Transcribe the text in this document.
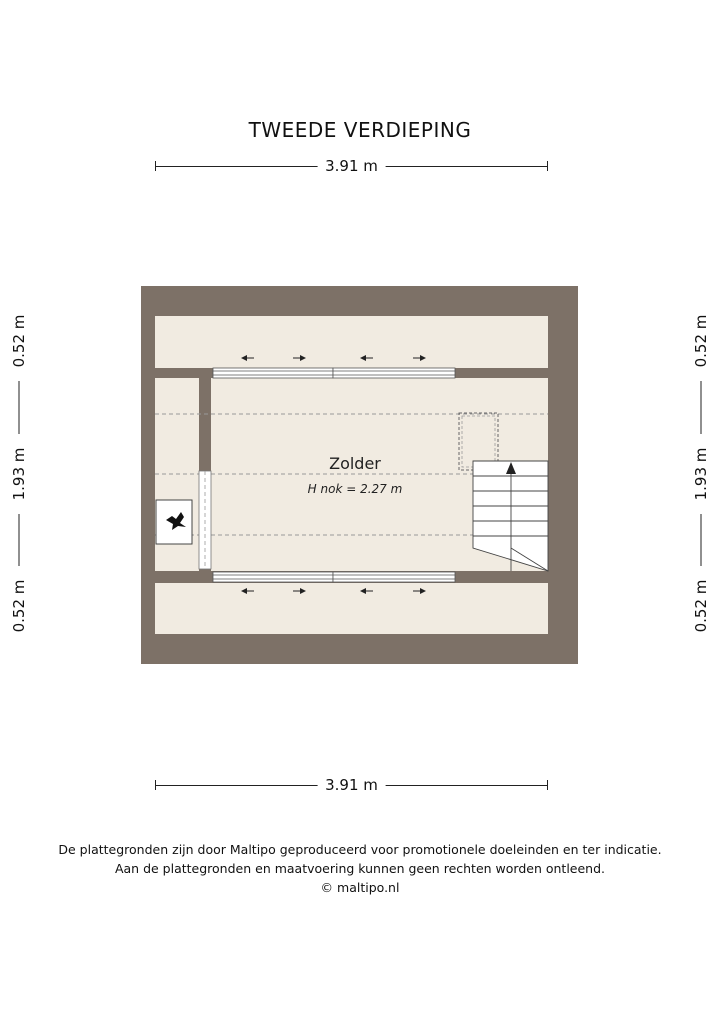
TWEEDE VERDIEPING
3.91 m
3.91 m
0.52 m
1.93 m
0.52 m
0.52 m
1.93 m
0.52 m
Zolder
H nok = 2.27 m
De plattegronden zijn door Maltipo geproduceerd voor promotionele doeleinden en ter indicatie.
Aan de plattegronden en maatvoering kunnen geen rechten worden ontleend.
© maltipo.nl
